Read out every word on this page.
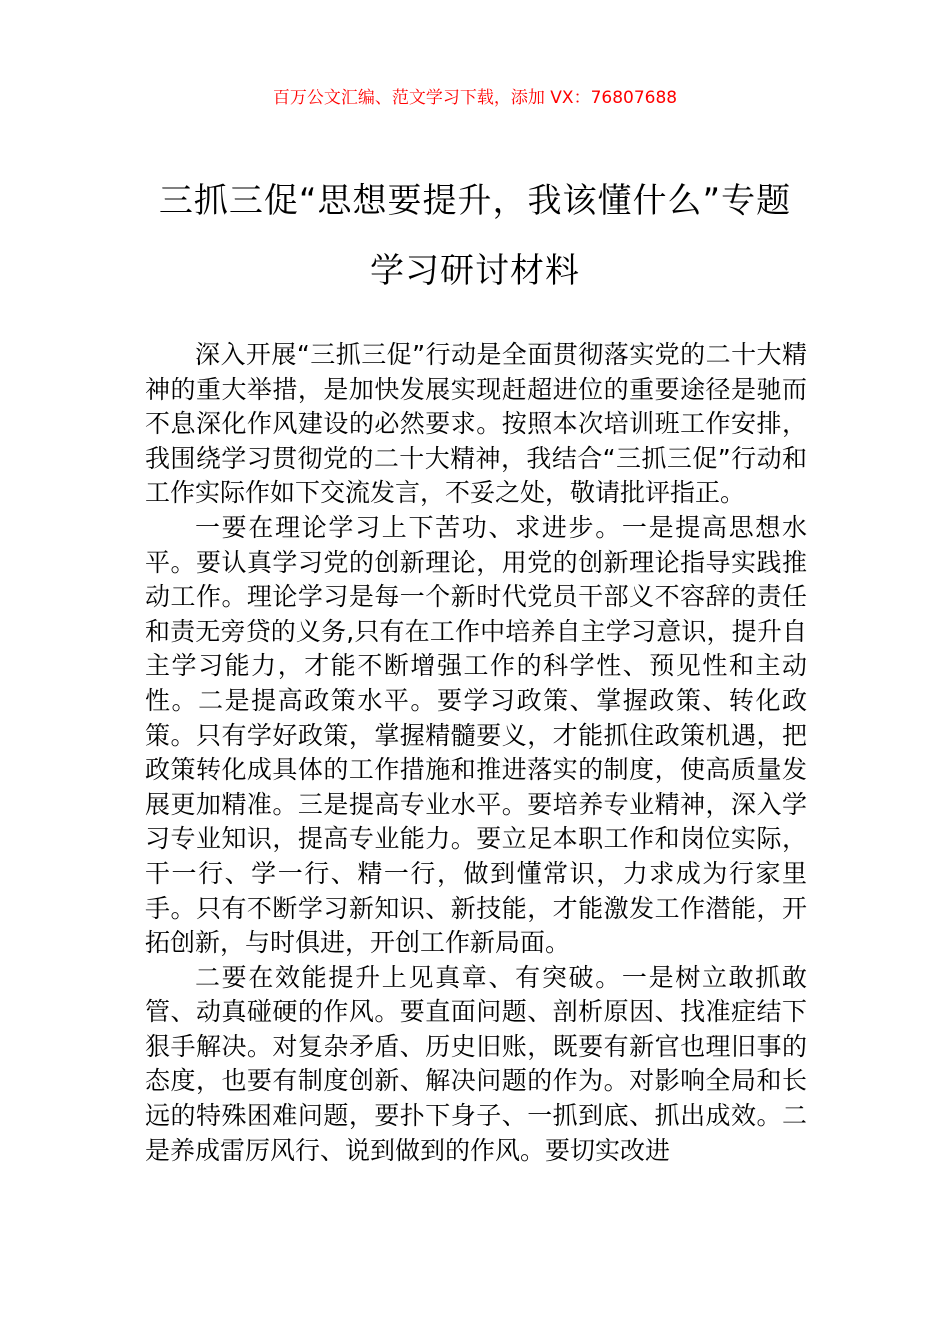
百万公文汇编、范文学习下载，添加 VX：76807688
三抓三促“思想要提升，我该懂什么”专题学习研讨材料

深入开展“三抓三促”行动是全面贯彻落实党的二十大精神的重大举措，是加快发展实现赶超进位的重要途径是驰而不息深化作风建设的必然要求。按照本次培训班工作安排，我围绕学习贯彻党的二十大精神，我结合“三抓三促”行动和工作实际作如下交流发言，不妥之处，敬请批评指正。

一要在理论学习上下苦功、求进步。一是提高思想水平。要认真学习党的创新理论，用党的创新理论指导实践推动工作。理论学习是每一个新时代党员干部义不容辞的责任和责无旁贷的义务,只有在工作中培养自主学习意识，提升自主学习能力，才能不断增强工作的科学性、预见性和主动性。二是提高政策水平。要学习政策、掌握政策、转化政策。只有学好政策，掌握精髓要义，才能抓住政策机遇，把政策转化成具体的工作措施和推进落实的制度，使高质量发展更加精准。三是提高专业水平。要培养专业精神，深入学习专业知识，提高专业能力。要立足本职工作和岗位实际，干一行、学一行、精一行，做到懂常识，力求成为行家里手。只有不断学习新知识、新技能，才能激发工作潜能，开拓创新，与时俱进，开创工作新局面。

二要在效能提升上见真章、有突破。一是树立敢抓敢管、动真碰硬的作风。要直面问题、剖析原因、找准症结下狠手解决。对复杂矛盾、历史旧账，既要有新官也理旧事的态度，也要有制度创新、解决问题的作为。对影响全局和长远的特殊困难问题，要扑下身子、一抓到底、抓出成效。二是养成雷厉风行、说到做到的作风。要切实改进
